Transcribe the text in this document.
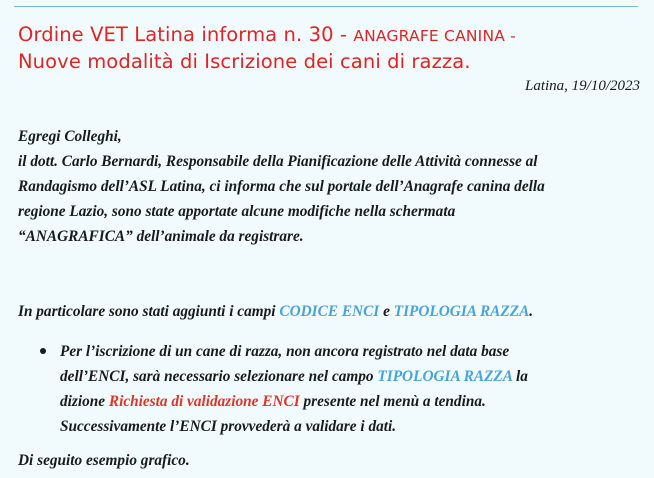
Ordine VET Latina informa n. 30 - ANAGRAFE CANINA -
Nuove modalità di Iscrizione dei cani di razza.
Latina, 19/10/2023
Egregi Colleghi,
il dott. Carlo Bernardi, Responsabile della Pianificazione delle Attività connesse al
Randagismo dell’ASL Latina, ci informa che sul portale dell’Anagrafe canina della
regione Lazio, sono state apportate alcune modifiche nella schermata
“ANAGRAFICA” dell’animale da registrare.
In particolare sono stati aggiunti i campi CODICE ENCI e TIPOLOGIA RAZZA.
Per l’iscrizione di un cane di razza, non ancora registrato nel data base
dell’ENCI, sarà necessario selezionare nel campo TIPOLOGIA RAZZA la
dizione Richiesta di validazione ENCI presente nel menù a tendina.
Successivamente l’ENCI provvederà a validare i dati.
Di seguito esempio grafico.
